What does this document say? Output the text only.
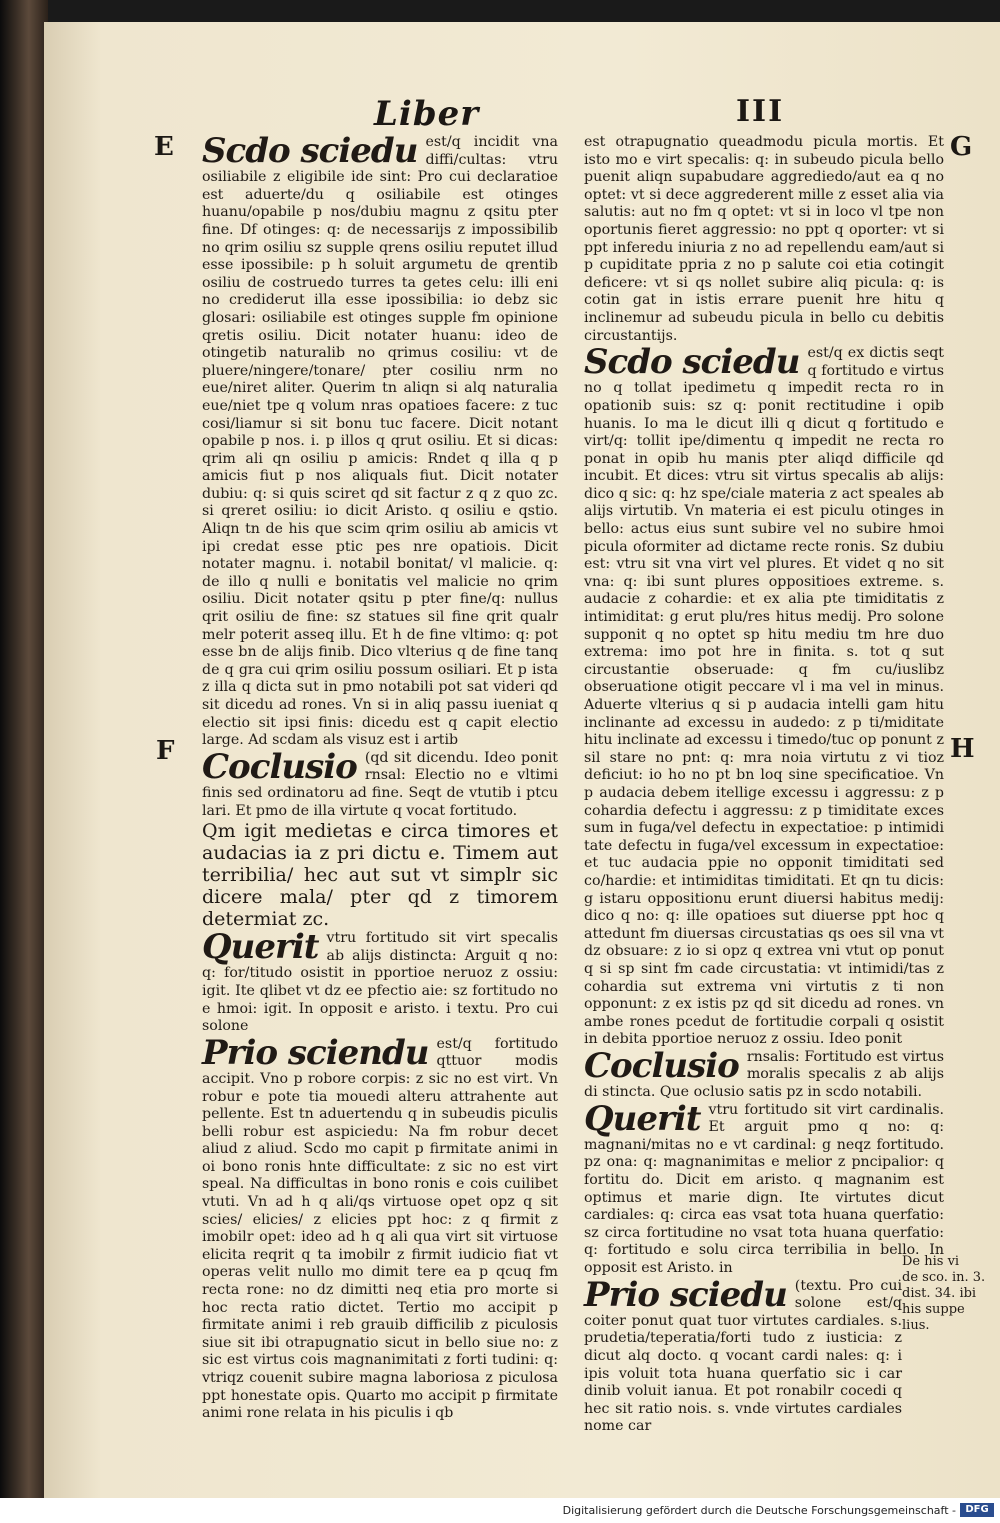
Liber	III
E
F
G
H

Scdo sciedu est/q incidit vna diffi/cultas: vtru osiliabile z eligibile ide sint: Pro cui declaratioe est aduerte/du q osiliabile est otinges huanu/opabile p nos/dubiu magnu z qsitu pter fine. Df otinges: q: de necessarijs z impossibilib no qrim osiliu sz supple qrens osiliu reputet illud esse ipossibile: p h soluit argumetu de qrentib osiliu de costruedo turres ta getes celu: illi eni no crediderut illa esse ipossibilia: io debz sic glosari: osiliabile est otinges supple fm opinione qretis osiliu. Dicit notater huanu: ideo de otingetib naturalib no qrimus cosiliu: vt de pluere/ningere/tonare/ pter cosiliu nrm no eue/niret aliter. Querim tn aliqn si alq naturalia eue/niet tpe q volum nras opatioes facere: z tuc cosi/liamur si sit bonu tuc facere. Dicit notant opabile p nos. i. p illos q qrut osiliu. Et si dicas: qrim ali qn osiliu p amicis: Rndet q illa q p amicis fiut p nos aliquals fiut. Dicit notater dubiu: q: si quis sciret qd sit factur z q z quo zc. si qreret osiliu: io dicit Aristo. q osiliu e qstio. Aliqn tn de his que scim qrim osiliu ab amicis vt ipi credat esse ptic pes nre opatiois. Dicit notater magnu. i. notabil bonitat/ vl malicie. q: de illo q nulli e bonitatis vel malicie no qrim osiliu. Dicit notater qsitu p pter fine/q: nullus qrit osiliu de fine: sz statues sil fine qrit qualr melr poterit asseq illu. Et h de fine vltimo: q: pot esse bn de alijs finib. Dico vlterius q de fine tanq de q gra cui qrim osiliu possum osiliari. Et p ista z illa q dicta sut in pmo notabili pot sat videri qd sit dicedu ad rones. Vn si in aliq passu iueniat q electio sit ipsi finis: dicedu est q capit electio large. Ad scdam als visuz est i artib

Coclusio (qd sit dicendu. Ideo ponit rnsal: Electio no e vltimi finis sed ordinatoru ad fine. Seqt de vtutib i ptcu lari. Et pmo de illa virtute q vocat fortitudo.

Qm igit medietas e circa timores et audacias ia z pri dictu e. Timem aut terribilia/ hec aut sut vt simplr sic dicere mala/ pter qd z timorem determiat zc.

Querit vtru fortitudo sit virt specalis ab alijs distincta: Arguit q no: q: for/titudo osistit in pportioe neruoz z ossiu: igit. Ite qlibet vt dz ee pfectio aie: sz fortitudo no e hmoi: igit. In opposit e aristo. i textu. Pro cui solone

Prio sciendu est/q fortitudo qttuor modis accipit. Vno p robore corpis: z sic no est virt. Vn robur e pote tia mouedi alteru attrahente aut pellente. Est tn aduertendu q in subeudis piculis belli robur est aspiciedu: Na fm robur decet aliud z aliud. Scdo mo capit p firmitate animi in oi bono ronis hnte difficultate: z sic no est virt speal. Na difficultas in bono ronis e cois cuilibet vtuti. Vn ad h q ali/qs virtuose opet opz q sit scies/ elicies/ z elicies ppt hoc: z q firmit z imobilr opet: ideo ad h q ali qua virt sit virtuose elicita reqrit q ta imobilr z firmit iudicio fiat vt operas velit nullo mo dimit tere ea p qcuq fm recta rone: no dz dimitti neq etia pro morte si hoc recta ratio dictet. Tertio mo accipit p firmitate animi i reb grauib difficilib z piculosis siue sit ibi otrapugnatio sicut in bello siue no: z sic est virtus cois magnanimitati z forti tudini: q: vtriqz couenit subire magna laboriosa z piculosa ppt honestate opis. Quarto mo accipit p firmitate animi rone relata in his piculis i qb

est otrapugnatio queadmodu picula mortis. Et isto mo e virt specalis: q: in subeudo picula bello puenit aliqn supabudare aggrediedo/aut ea q no optet: vt si dece aggrederent mille z esset alia via salutis: aut no fm q optet: vt si in loco vl tpe non oportunis fieret aggressio: no ppt q oporter: vt si ppt inferedu iniuria z no ad repellendu eam/aut si p cupiditate ppria z no p salute coi etia cotingit deficere: vt si qs nollet subire aliq picula: q: is cotin gat in istis errare puenit hre hitu q inclinemur ad subeudu picula in bello cu debitis circustantijs.

Scdo sciedu est/q ex dictis seqt q fortitudo e virtus no q tollat ipedimetu q impedit recta ro in opationib suis: sz q: ponit rectitudine i opib huanis. Io ma le dicut illi q dicut q fortitudo e virt/q: tollit ipe/dimentu q impedit ne recta ro ponat in opib hu manis pter aliqd difficile qd incubit. Et dices: vtru sit virtus specalis ab alijs: dico q sic: q: hz spe/ciale materia z act speales ab alijs virtutib. Vn materia ei est piculu otinges in bello: actus eius sunt subire vel no subire hmoi picula oformiter ad dictame recte ronis. Sz dubiu est: vtru sit vna virt vel plures. Et videt q no sit vna: q: ibi sunt plures oppositioes extreme. s. audacie z cohardie: et ex alia pte timiditatis z intimiditat: g erut plu/res hitus medij. Pro solone supponit q no optet sp hitu mediu tm hre duo extrema: imo pot hre in finita. s. tot q sut circustantie obseruade: q fm cu/iuslibz obseruatione otigit peccare vl i ma vel in minus. Aduerte vlterius q si p audacia intelli gam hitu inclinante ad excessu in audedo: z p ti/miditate hitu inclinate ad excessu i timedo/tuc op ponunt z sil stare no pnt: q: mra noia virtutu z vi tioz deficiut: io ho no pt bn loq sine specificatioe. Vn p audacia debem itellige excessu i aggressu: z p cohardia defectu i aggressu: z p timiditate exces sum in fuga/vel defectu in expectatioe: p intimidi tate defectu in fuga/vel excessum in expectatioe: et tuc audacia ppie no opponit timiditati sed co/hardie: et intimiditas timiditati. Et qn tu dicis: g istaru oppositionu erunt diuersi habitus medij: dico q no: q: ille opatioes sut diuerse ppt hoc q attedunt fm diuersas circustatias qs oes sil vna vt dz obsuare: z io si opz q extrea vni vtut op ponut q si sp sint fm cade circustatia: vt intimidi/tas z cohardia sut extrema vni virtutis z ti non opponunt: z ex istis pz qd sit dicedu ad rones. vn ambe rones pcedut de fortitudie corpali q osistit in debita pportioe neruoz z ossiu. Ideo ponit

Coclusio rnsalis: Fortitudo est virtus moralis specalis z ab alijs di stincta. Que oclusio satis pz in scdo notabili.

Querit vtru fortitudo sit virt cardinalis. Et arguit pmo q no: q: magnani/mitas no e vt cardinal: g neqz fortitudo. pz ona: q: magnanimitas e melior z pncipalior: q fortitu do. Dicit em aristo. q magnanim est optimus et marie dign. Ite virtutes dicut cardiales: q: circa eas vsat tota huana querfatio: sz circa fortitudine no vsat tota huana querfatio: q: fortitudo e solu circa terribilia in bello. In opposit est Aristo. in

Prio sciedu (textu. Pro cui solone est/q coiter ponut quat tuor virtutes cardiales. s. prudetia/teperatia/forti tudo z iusticia: z dicut alq docto. q vocant cardi nales: q: i ipis voluit tota huana querfatio sic i car dinib voluit ianua. Et pot ronabilr cocedi q hec sit ratio nois. s. vnde virtutes cardiales nome car

De his vi
de sco. in. 3.
dist. 34. ibi
his suppe
lius.
Digitalisierung gefördert durch die Deutsche Forschungsgemeinschaft - DFG
